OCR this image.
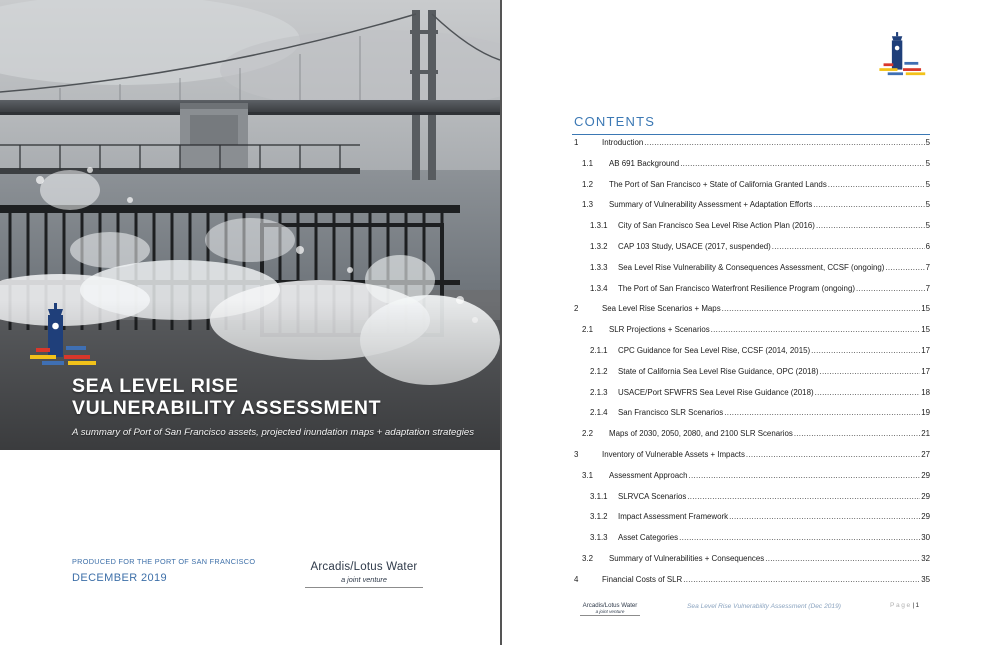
SEA LEVEL RISE
VULNERABILITY ASSESSMENT
A summary of Port of San Francisco assets, projected inundation maps + adaptation strategies
PRODUCED FOR THE PORT OF SAN FRANCISCO
DECEMBER 2019
Arcadis/Lotus Water
a joint venture
CONTENTS
1	Introduction .....	5
1.1	AB 691 Background .....	5
1.2	The Port of San Francisco + State of California Granted Lands .....	5
1.3	Summary of Vulnerability Assessment + Adaptation Efforts .....	5
1.3.1	City of San Francisco Sea Level Rise Action Plan (2016) .....	5
1.3.2	CAP 103 Study, USACE (2017, suspended) .....	6
1.3.3	Sea Level Rise Vulnerability & Consequences Assessment, CCSF (ongoing) .....	7
1.3.4	The Port of San Francisco Waterfront Resilience Program (ongoing) .....	7
2	Sea Level Rise Scenarios + Maps .....	15
2.1	SLR Projections + Scenarios .....	15
2.1.1	CPC Guidance for Sea Level Rise, CCSF (2014, 2015) .....	17
2.1.2	State of California Sea Level Rise Guidance, OPC (2018) .....	17
2.1.3	USACE/Port SFWFRS Sea Level Rise Guidance (2018) .....	18
2.1.4	San Francisco SLR Scenarios .....	19
2.2	Maps of 2030, 2050, 2080, and 2100 SLR Scenarios .....	21
3	Inventory of Vulnerable Assets + Impacts .....	27
3.1	Assessment Approach .....	29
3.1.1	SLRVCA Scenarios .....	29
3.1.2	Impact Assessment Framework .....	29
3.1.3	Asset Categories .....	30
3.2	Summary of Vulnerabilities + Consequences .....	32
4	Financial Costs of SLR .....	35
Arcadis/Lotus Water
a joint venture
Sea Level Rise Vulnerability Assessment (Dec 2019)	Page|1
